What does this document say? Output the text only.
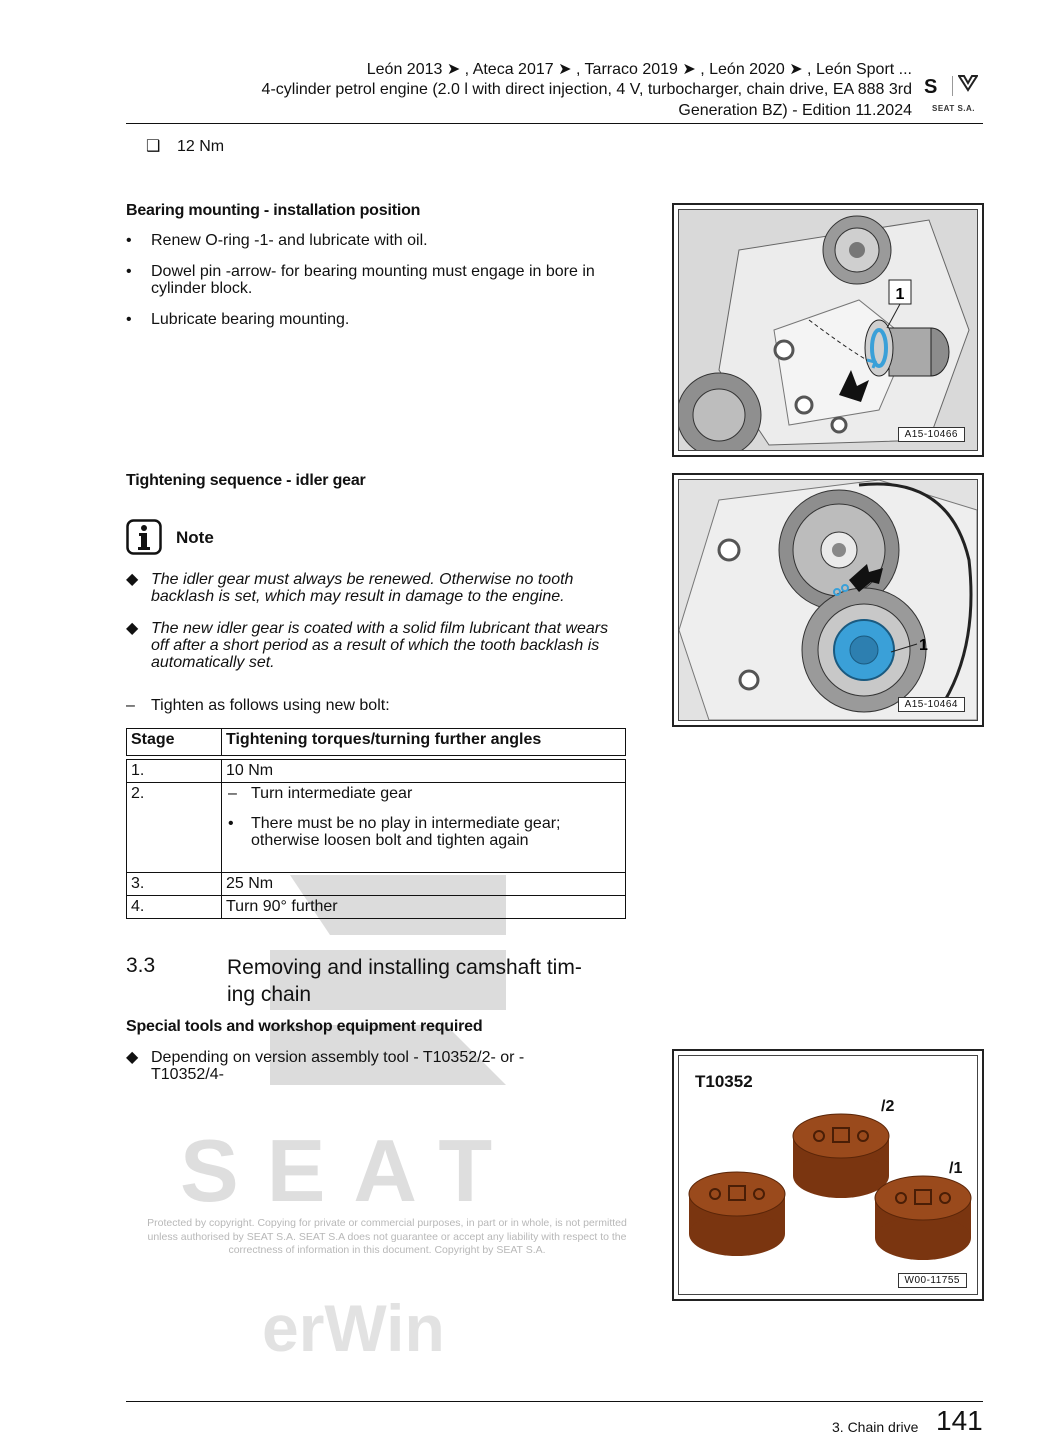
SEAT
Protected by copyright. Copying for private or commercial purposes, in part or in whole, is not permitted unless authorised by SEAT S.A. SEAT S.A does not guarantee or accept any liability with respect to the correctness of information in this document. Copyright by SEAT S.A.
erWin
León 2013 ➤ , Ateca 2017 ➤ , Tarraco 2019 ➤ , León 2020 ➤ , León Sport ...
4-cylinder petrol engine (2.0 l with direct injection, 4 V, turbocharger, chain drive, EA 888 3rd
Generation BZ) - Edition 11.2024
S
SEAT S.A.
❑ 12 Nm
Bearing mounting - installation position
• Renew O-ring -1- and lubricate with oil.
• Dowel pin -arrow- for bearing mounting must engage in bore in cylinder block.
• Lubricate bearing mounting.
1
A15-10466
Tightening sequence - idler gear
Note
◆ The idler gear must always be renewed. Otherwise no tooth backlash is set, which may result in damage to the engine.
◆ The new idler gear is coated with a solid film lubricant that wears off after a short period as a result of which the tooth backlash is automatically set.
– Tighten as follows using new bolt:
1
A15-10464
Stage	Tightening torques/turning further angles

1.	10 Nm
2.	– Turn intermediate gear
• There must be no play in intermediate gear; otherwise loosen bolt and tighten again

3.	25 Nm
4.	Turn 90° further
3.3	Removing and installing camshaft tim-
ing chain
Special tools and workshop equipment required
◆ Depending on version assembly tool - T10352/2- or - T10352/4-	T10352
/2
/1
W00-11755
3. Chain drive 141
